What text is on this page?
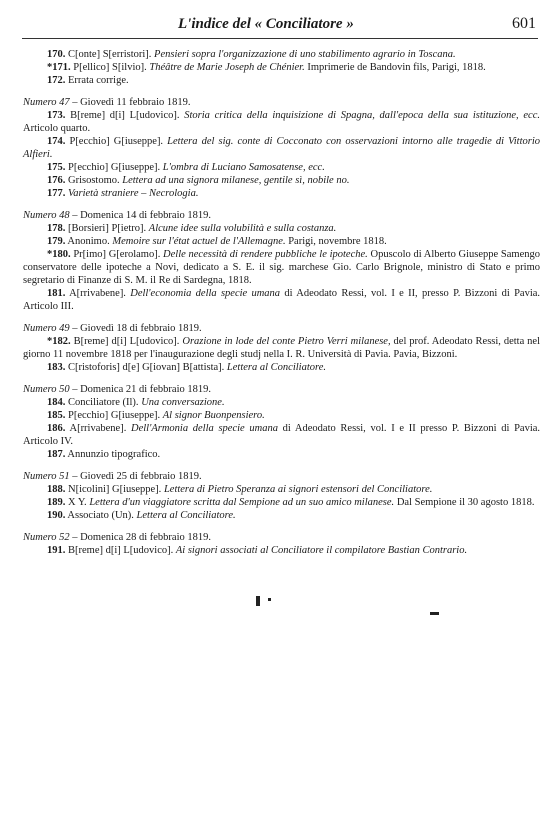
L'indice del « Conciliatore »	601

170. C[onte] S[erristori]. Pensieri sopra l'organizzazione di uno stabilimento agrario in Toscana.

*171. P[ellico] S[ilvio]. Théâtre de Marie Joseph de Chénier. Imprimerie de Bandovin fils, Parigi, 1818.

172. Errata corrige.

Numero 47 – Giovedì 11 febbraio 1819.

173. B[reme] d[i] L[udovico]. Storia critica della inquisizione di Spagna, dall'epoca della sua istituzione, ecc. Articolo quarto.

174. P[ecchio] G[iuseppe]. Lettera del sig. conte di Cocconato con osservazioni intorno alle tragedie di Vittorio Alfieri.

175. P[ecchio] G[iuseppe]. L'ombra di Luciano Samosatense, ecc.

176. Grisostomo. Lettera ad una signora milanese, gentile sì, nobile no.

177. Varietà straniere – Necrologia.

Numero 48 – Domenica 14 di febbraio 1819.

178. [Borsieri] P[ietro]. Alcune idee sulla volubilità e sulla costanza.

179. Anonimo. Memoire sur l'état actuel de l'Allemagne. Parigi, novembre 1818.

*180. Pr[imo] G[erolamo]. Delle necessità di rendere pubbliche le ipoteche. Opuscolo di Alberto Giuseppe Samengo conservatore delle ipoteche a Novi, dedicato a S. E. il sig. marchese Gio. Carlo Brignole, ministro di Stato e primo segretario di Finanze di S. M. il Re di Sardegna, 1818.

181. A[rrivabene]. Dell'economia della specie umana di Adeodato Ressi, vol. I e II, presso P. Bizzoni di Pavia. Articolo III.

Numero 49 – Giovedì 18 di febbraio 1819.

*182. B[reme] d[i] L[udovico]. Orazione in lode del conte Pietro Verri milanese, del prof. Adeodato Ressi, detta nel giorno 11 novembre 1818 per l'inaugurazione degli studj nella I. R. Università di Pavia. Pavia, Bizzoni.

183. C[ristoforis] d[e] G[iovan] B[attista]. Lettera al Conciliatore.

Numero 50 – Domenica 21 di febbraio 1819.

184. Conciliatore (Il). Una conversazione.

185. P[ecchio] G[iuseppe]. Al signor Buonpensiero.

186. A[rrivabene]. Dell'Armonia della specie umana di Adeodato Ressi, vol. I e II presso P. Bizzoni di Pavia. Articolo IV.

187. Annunzio tipografico.

Numero 51 – Giovedì 25 di febbraio 1819.

188. N[icolini] G[iuseppe]. Lettera di Pietro Speranza ai signori estensori del Conciliatore.

189. X Y. Lettera d'un viaggiatore scritta dal Sempione ad un suo amico milanese. Dal Sempione il 30 agosto 1818.

190. Associato (Un). Lettera al Conciliatore.

Numero 52 – Domenica 28 di febbraio 1819.

191. B[reme] d[i] L[udovico]. Ai signori associati al Conciliatore il compilatore Bastian Contrario.
